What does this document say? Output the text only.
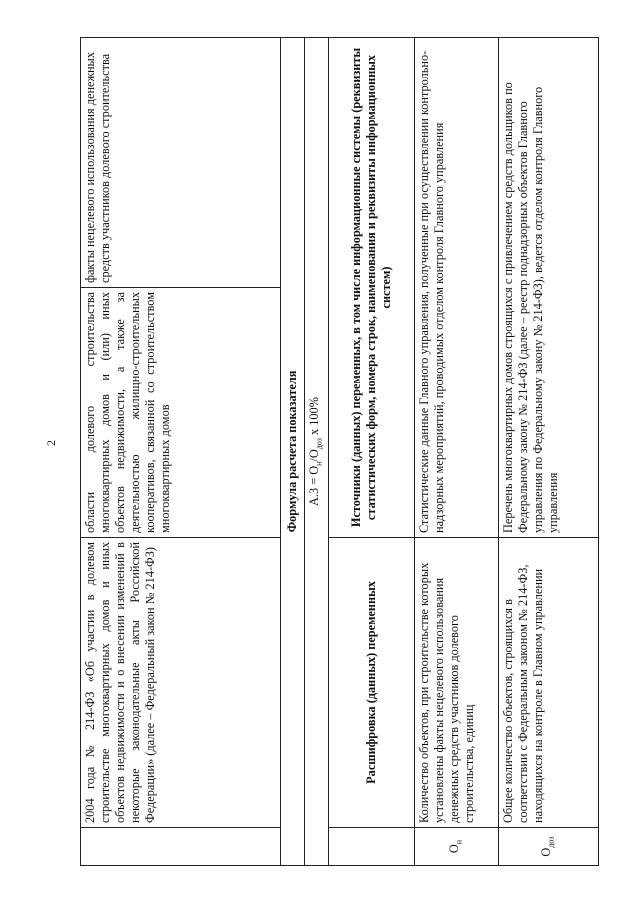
2
	2004 года № 214-ФЗ «Об участии в долевом строительстве многоквартирных домов и иных объектов недвижимости и о внесении изменений в некоторые законодательные акты Российской Федерации» (далее – Федеральный закон № 214-ФЗ)	области долевого строительства многоквартирных домов и (или) иных объектов недвижимости, а также за деятельностью жилищно-строительных кооперативов, связанной со строительством многоквартирных домов	факты нецелевого использования денежных средств участников долевого строительства
Формула расчета показателя			
$А.3 = О_н/О_{доз}$ х 100%			
	Расшифровка (данных) переменных	Источники (данных) переменных, в том числе информационные системы (реквизиты статистических форм, номера строк, наименования и реквизиты информационных систем)	
$О_н$	Количество объектов, при строительстве которых установлены факты нецелевого использования денежных средств участников долевого строительства, единиц	Статистические данные Главного управления, полученные при осуществлении контрольно-надзорных мероприятий, проводимых отделом контроля Главного управления	
$О_{доз}$	Общее количество объектов, строящихся в соответствии с Федеральным законом № 214-ФЗ, находящихся на контроле в Главном управлении	Перечень многоквартирных домов строящихся с привлечением средств дольщиков по Федеральному закону № 214-ФЗ (далее – реестр поднадзорных объектов Главного управления по Федеральному закону № 214-ФЗ), ведется отделом контроля Главного управления	
